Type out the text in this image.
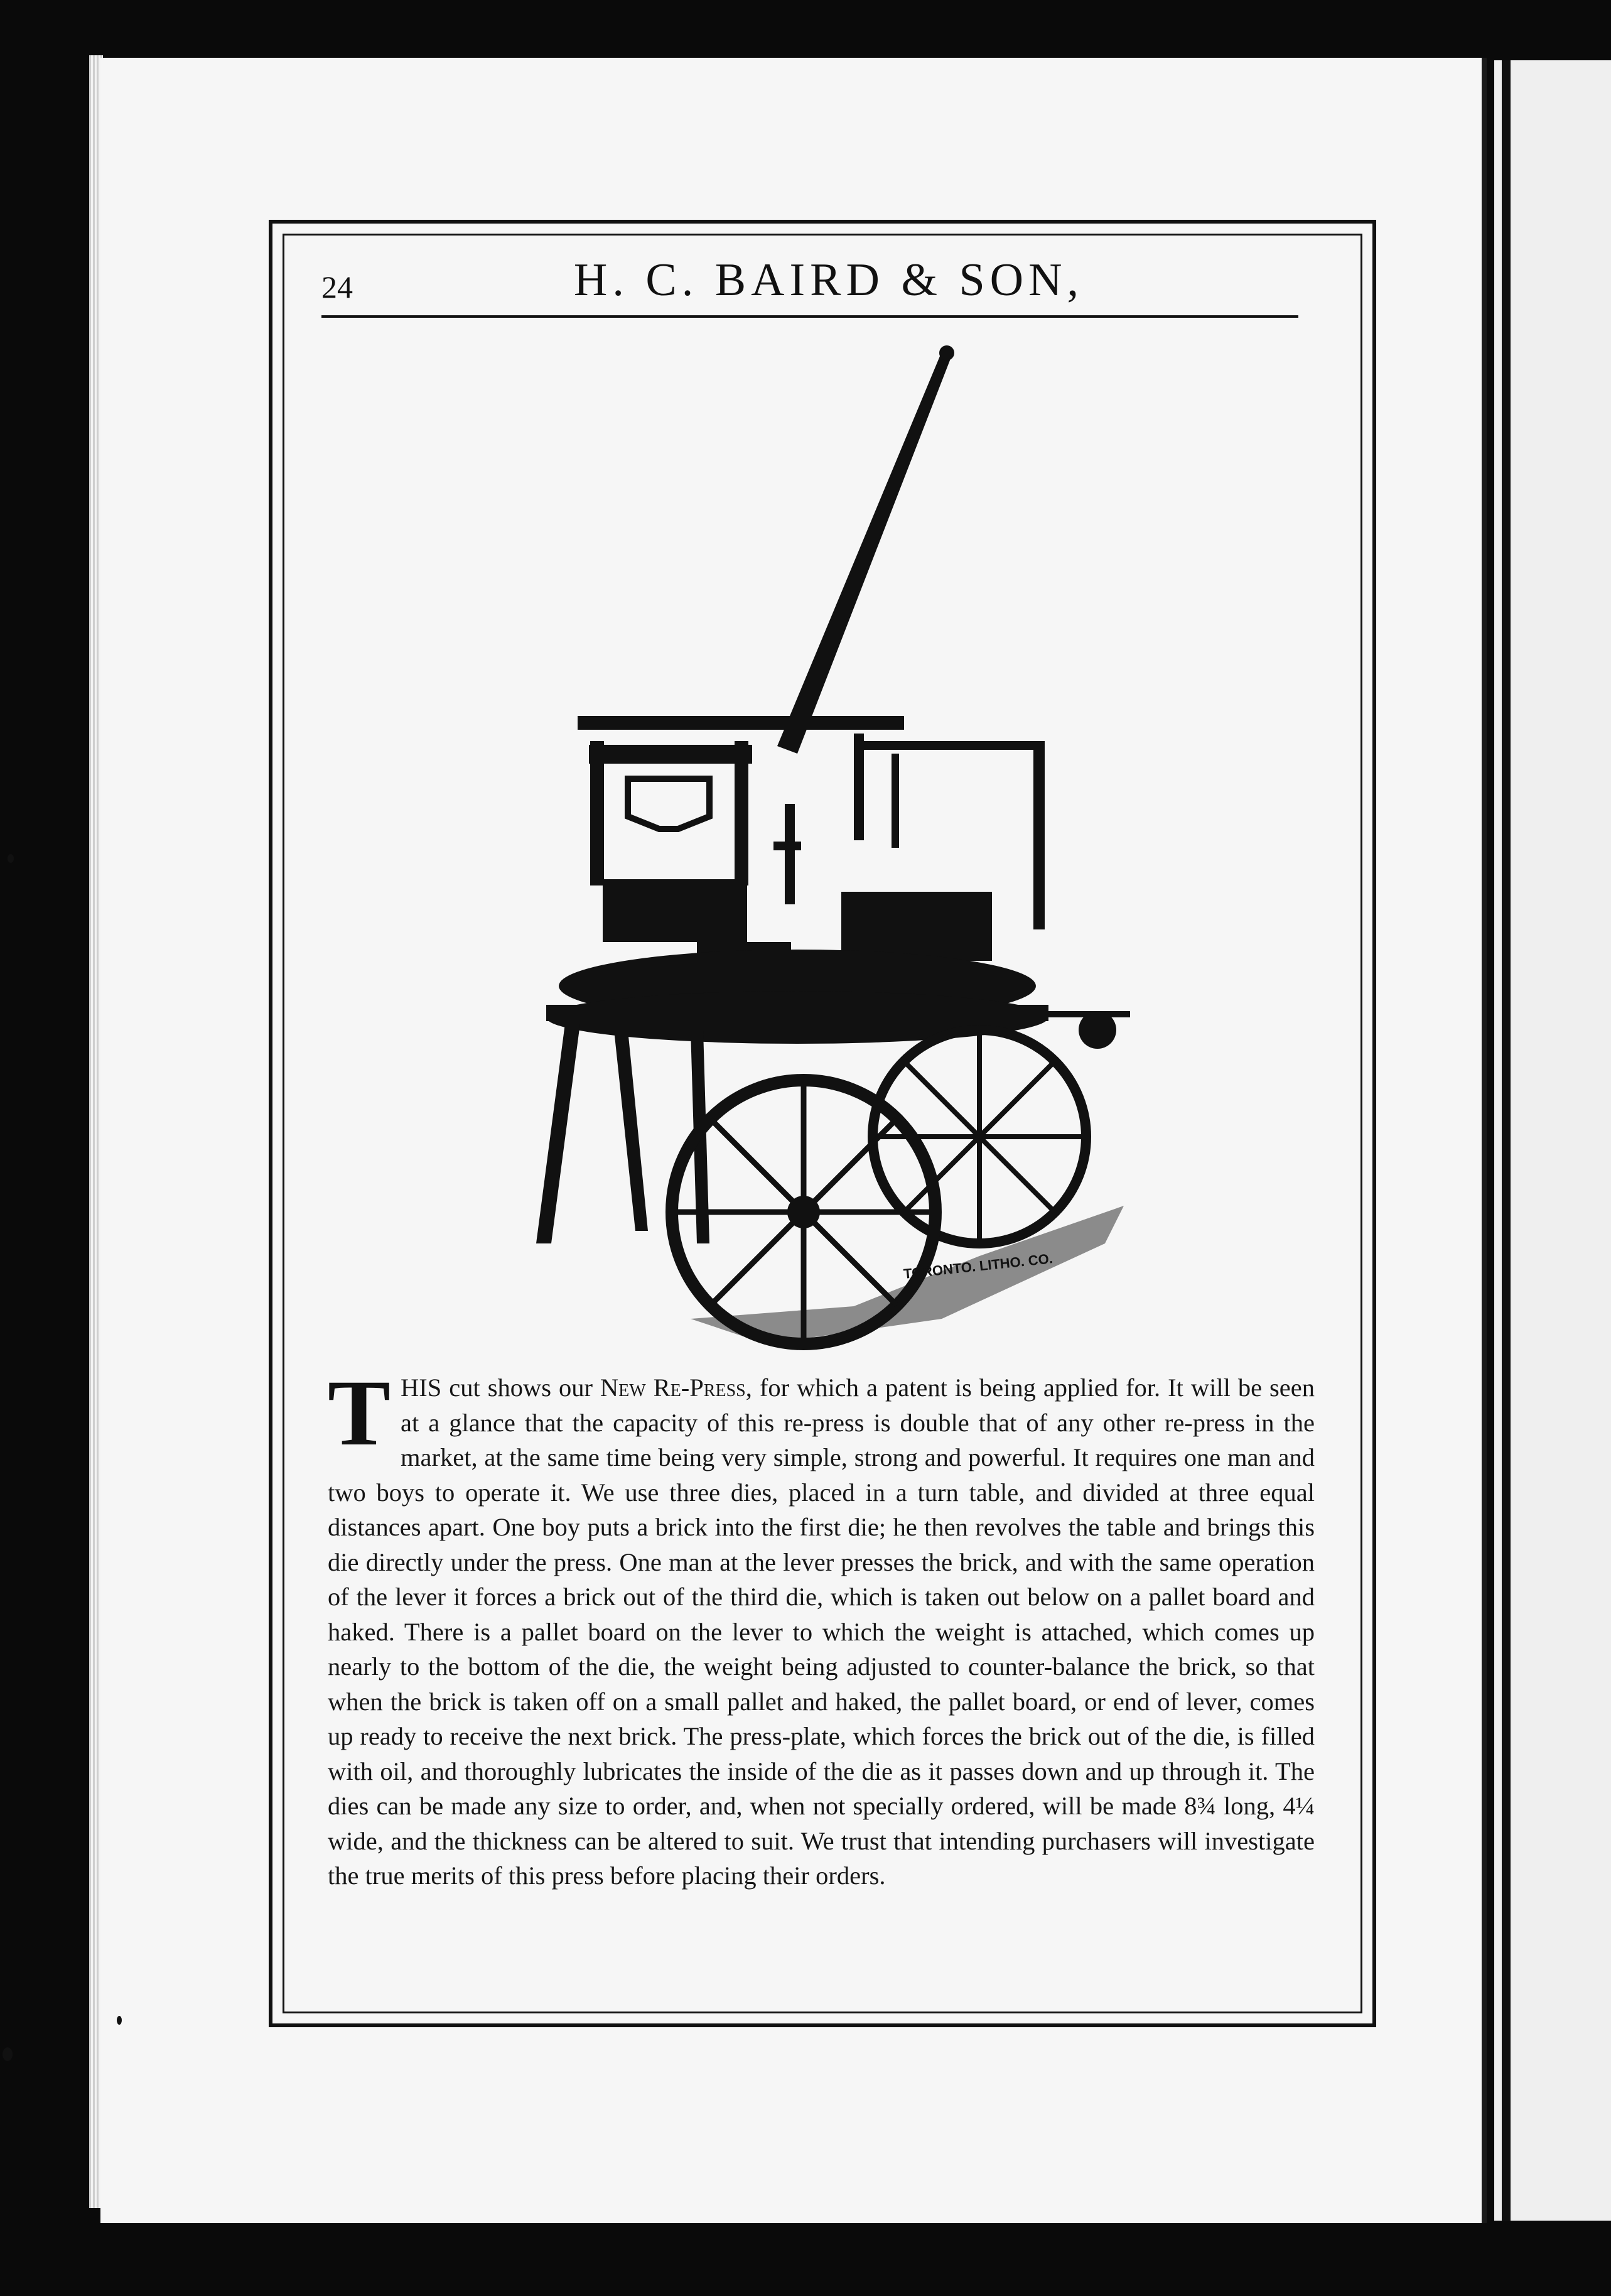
24	H. C. BAIRD & SON,
TORONTO. LITHO. CO.

THIS cut shows our New Re-Press, for which a patent is being applied for. It will be seen at a glance that the capacity of this re-press is double that of any other re-press in the market, at the same time being very simple, strong and powerful. It requires one man and two boys to operate it. We use three dies, placed in a turn table, and divided at three equal distances apart. One boy puts a brick into the first die; he then revolves the table and brings this die directly under the press. One man at the lever presses the brick, and with the same operation of the lever it forces a brick out of the third die, which is taken out below on a pallet board and haked. There is a pallet board on the lever to which the weight is attached, which comes up nearly to the bottom of the die, the weight being adjusted to counter-balance the brick, so that when the brick is taken off on a small pallet and haked, the pallet board, or end of lever, comes up ready to receive the next brick. The press-plate, which forces the brick out of the die, is filled with oil, and thoroughly lubricates the inside of the die as it passes down and up through it. The dies can be made any size to order, and, when not specially ordered, will be made 8¾ long, 4¼ wide, and the thickness can be altered to suit. We trust that intending purchasers will investigate the true merits of this press before placing their orders.
